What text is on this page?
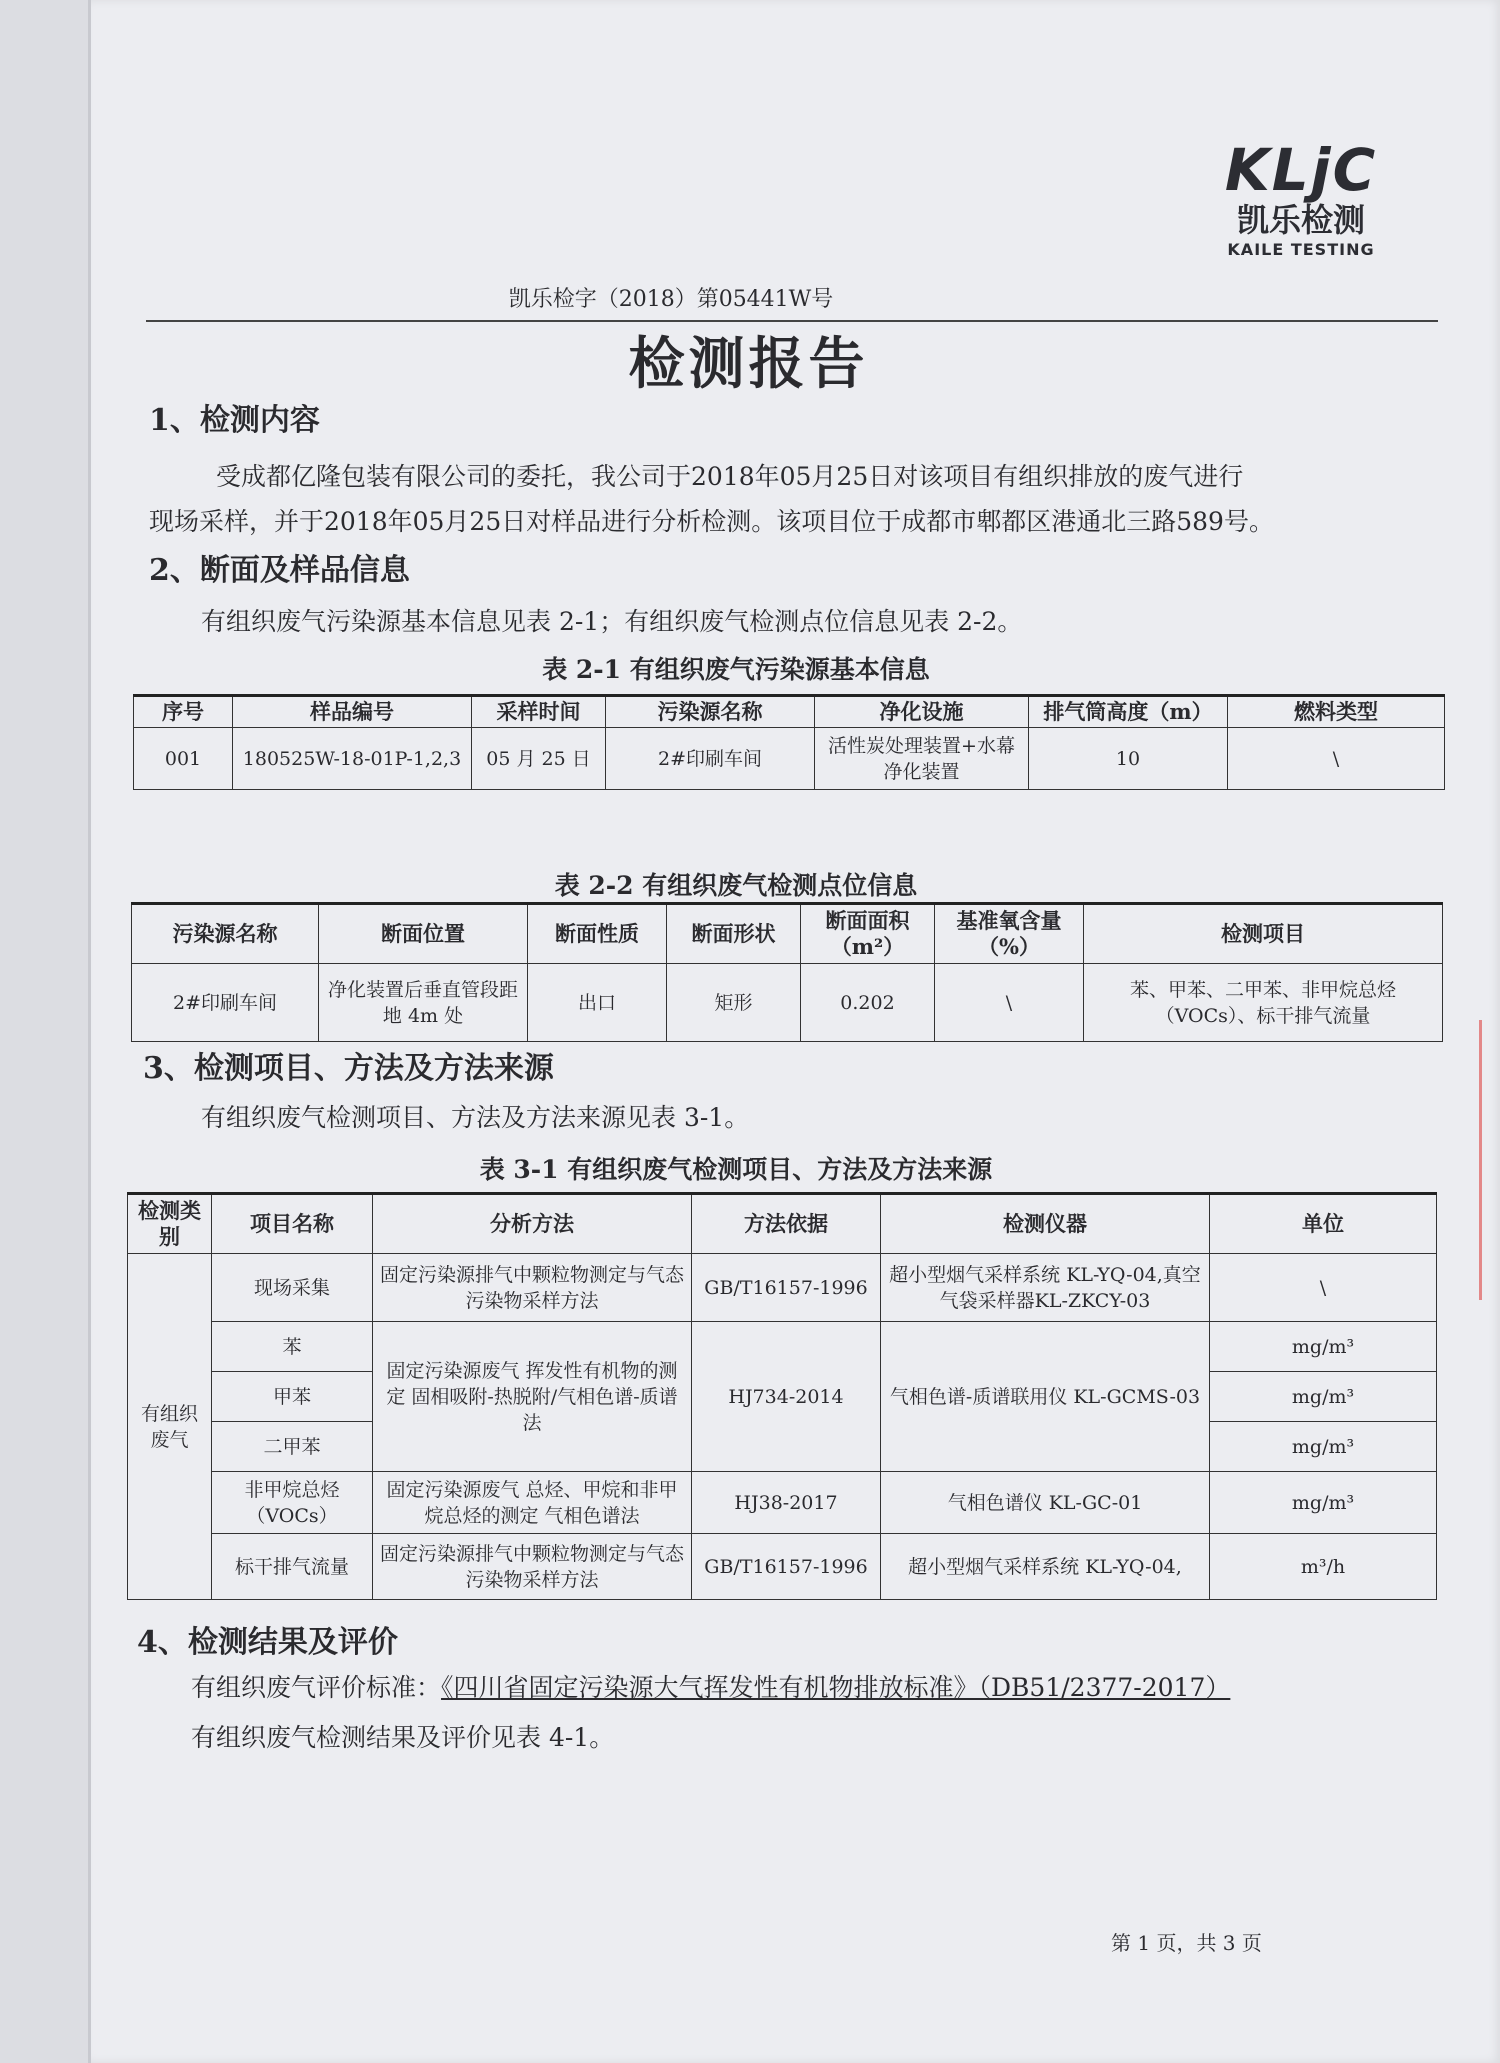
KLjC
凯乐检测
KAILE TESTING
凯乐检字（2018）第05441W号
检测报告
1、检测内容
受成都亿隆包装有限公司的委托，我公司于2018年05月25日对该项目有组织排放的废气进行
现场采样，并于2018年05月25日对样品进行分析检测。该项目位于成都市郫都区港通北三路589号。
2、断面及样品信息
有组织废气污染源基本信息见表 2-1；有组织废气检测点位信息见表 2-2。
表 2-1 有组织废气污染源基本信息
序号	样品编号	采样时间	污染源名称	净化设施	排气筒高度（m）	燃料类型
001	180525W-18-01P-1,2,3	05 月 25 日	2#印刷车间	活性炭处理装置+水幕净化装置	10	\
表 2-2 有组织废气检测点位信息
污染源名称	断面位置	断面性质	断面形状	断面面积（m²）	基准氧含量（%）	检测项目
2#印刷车间	净化装置后垂直管段距地 4m 处	出口	矩形	0.202	\	苯、甲苯、二甲苯、非甲烷总烃（VOCs）、标干排气流量
3、检测项目、方法及方法来源
有组织废气检测项目、方法及方法来源见表 3-1。
表 3-1 有组织废气检测项目、方法及方法来源
检测类别	项目名称	分析方法	方法依据	检测仪器	单位
有组织废气	现场采集	固定污染源排气中颗粒物测定与气态污染物采样方法	GB/T16157-1996	超小型烟气采样系统 KL-YQ-04,真空气袋采样器KL-ZKCY-03	\
	苯	固定污染源废气 挥发性有机物的测定 固相吸附-热脱附/气相色谱-质谱法	HJ734-2014	气相色谱-质谱联用仪 KL-GCMS-03	mg/m³
	甲苯				mg/m³
	二甲苯				mg/m³
	非甲烷总烃（VOCs）	固定污染源废气 总烃、甲烷和非甲烷总烃的测定 气相色谱法	HJ38-2017	气相色谱仪 KL-GC-01	mg/m³
	标干排气流量	固定污染源排气中颗粒物测定与气态污染物采样方法	GB/T16157-1996	超小型烟气采样系统 KL-YQ-04,	m³/h
4、检测结果及评价
有组织废气评价标准：《四川省固定污染源大气挥发性有机物排放标准》（DB51/2377-2017）
有组织废气检测结果及评价见表 4-1。
第 1 页，共 3 页
